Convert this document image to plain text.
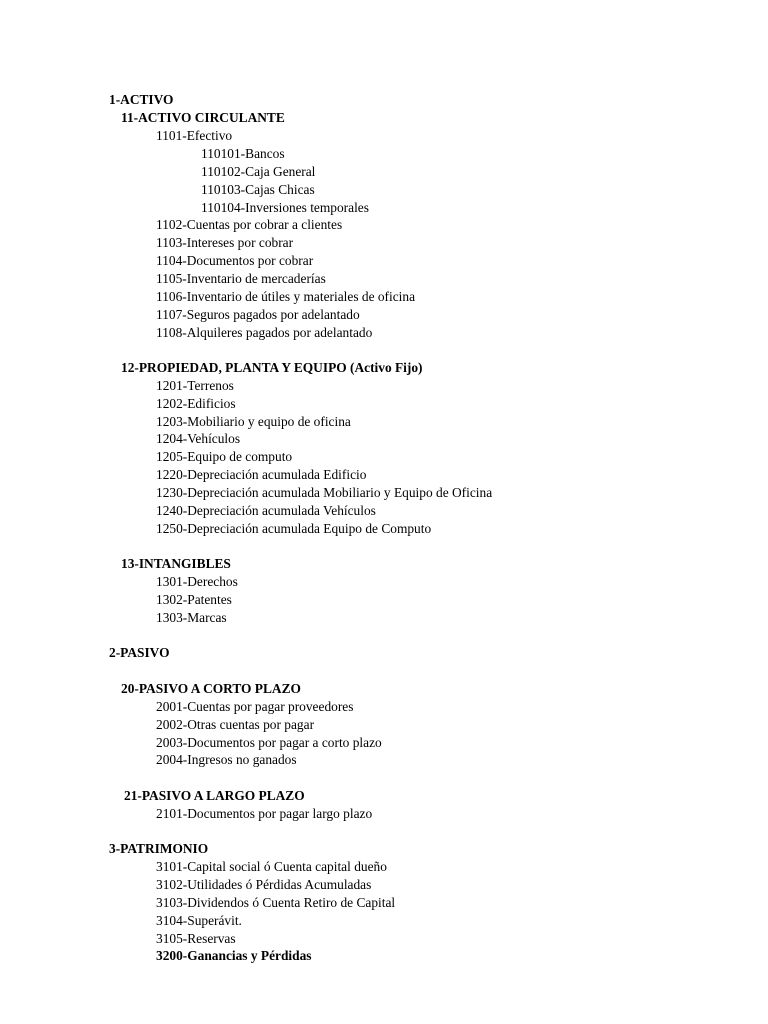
1-ACTIVO
11-ACTIVO CIRCULANTE
1101-Efectivo
110101-Bancos
110102-Caja General
110103-Cajas Chicas
110104-Inversiones temporales
1102-Cuentas por cobrar a clientes
1103-Intereses por cobrar
1104-Documentos por cobrar
1105-Inventario de mercaderías
1106-Inventario de útiles y materiales de oficina
1107-Seguros pagados por adelantado
1108-Alquileres pagados por adelantado
12-PROPIEDAD, PLANTA Y EQUIPO (Activo Fijo)
1201-Terrenos
1202-Edificios
1203-Mobiliario y equipo de oficina
1204-Vehículos
1205-Equipo de computo
1220-Depreciación acumulada Edificio
1230-Depreciación acumulada Mobiliario y Equipo de Oficina
1240-Depreciación acumulada Vehículos
1250-Depreciación acumulada Equipo de Computo
13-INTANGIBLES
1301-Derechos
1302-Patentes
1303-Marcas
2-PASIVO
20-PASIVO A CORTO PLAZO
2001-Cuentas por pagar proveedores
2002-Otras cuentas por pagar
2003-Documentos por pagar a corto plazo
2004-Ingresos no ganados
21-PASIVO A LARGO PLAZO
2101-Documentos por pagar largo plazo
3-PATRIMONIO
3101-Capital social ó Cuenta capital dueño
3102-Utilidades ó Pérdidas Acumuladas
3103-Dividendos ó Cuenta Retiro de Capital
3104-Superávit.
3105-Reservas
3200-Ganancias y Pérdidas
